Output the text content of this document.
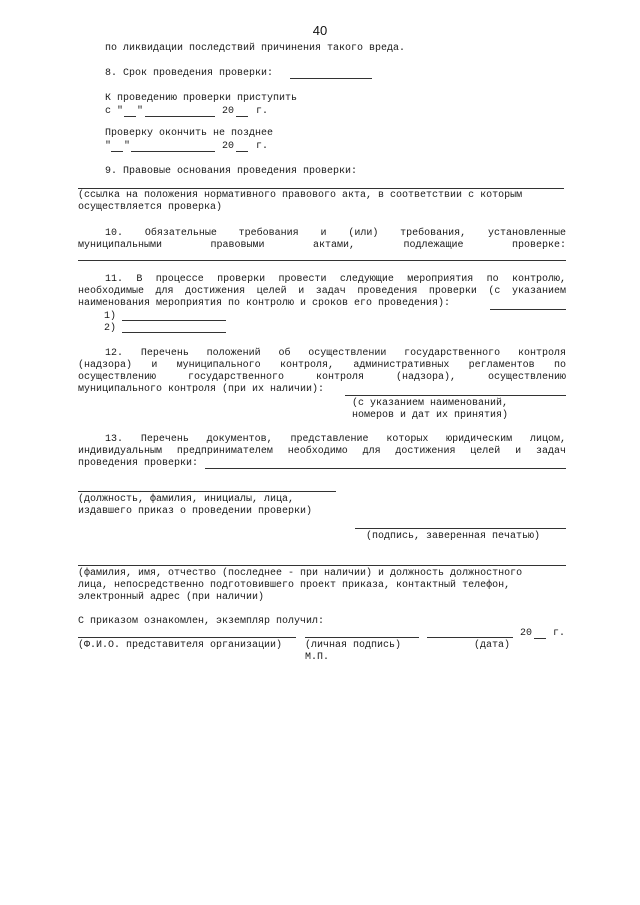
40
по ликвидации последствий причинения такого вреда.
8. Срок проведения проверки:
К проведению проверки приступить
с " "	20 г.
Проверку окончить не позднее
" "	20 г.
9. Правовые основания проведения проверки:
(ссылка на положения нормативного правового акта, в соответствии с которым
осуществляется проверка)
10. Обязательные требования и (или) требования, установленные
муниципальными правовыми актами, подлежащие проверке:
11. В процессе проверки провести следующие мероприятия по контролю,
необходимые для достижения целей и задач проведения проверки (с указанием
наименования мероприятия по контролю и сроков его проведения):
1)
2)
12. Перечень положений об осуществлении государственного контроля
(надзора) и муниципального контроля, административных регламентов по
осуществлению государственного контроля (надзора), осуществлению
муниципального контроля (при их наличии):
(с указанием наименований,
номеров и дат их принятия)
13. Перечень документов, представление которых юридическим лицом,
индивидуальным предпринимателем необходимо для достижения целей и задач
проведения проверки:
(должность, фамилия, инициалы, лица,
издавшего приказ о проведении проверки)
(подпись, заверенная печатью)
(фамилия, имя, отчество (последнее - при наличии) и должность должностного
лица, непосредственно подготовившего проект приказа, контактный телефон,
электронный адрес (при наличии)
С приказом ознакомлен, экземпляр получил:
20 г.
(Ф.И.О. представителя организации) (личная подпись)	(дата)
М.П.
